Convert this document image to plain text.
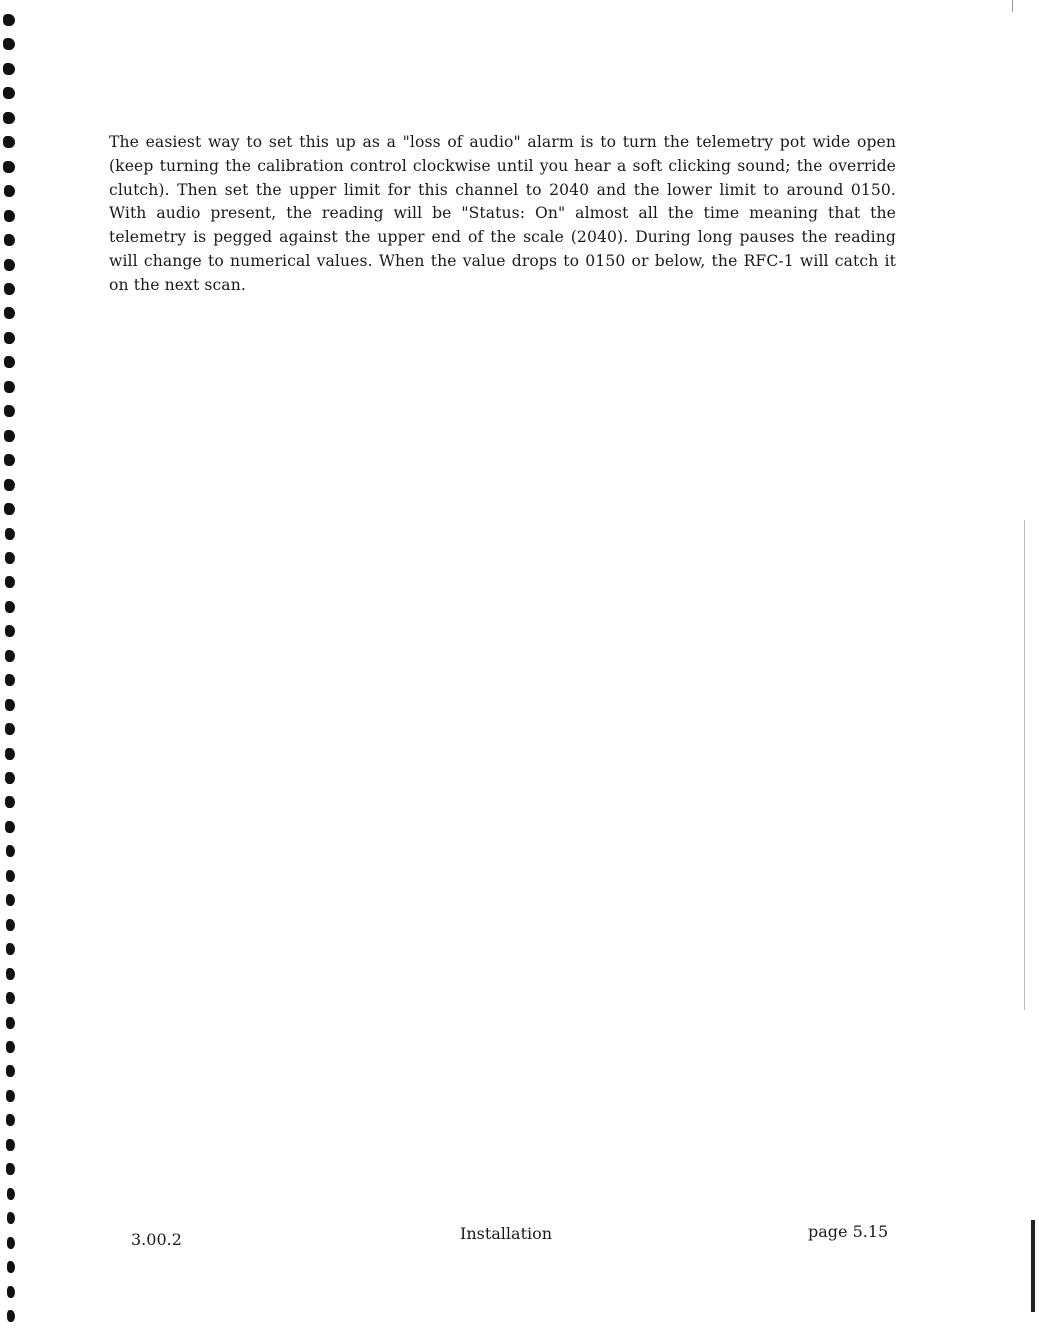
The easiest way to set this up as a "loss of audio" alarm is to turn the telemetry pot wide open (keep turning the calibration control clockwise until you hear a soft clicking sound; the override clutch). Then set the upper limit for this channel to 2040 and the lower limit to around 0150. With audio present, the reading will be "Status: On" almost all the time meaning that the telemetry is pegged against the upper end of the scale (2040). During long pauses the reading will change to numerical values. When the value drops to 0150 or below, the RFC-1 will catch it on the next scan.

3.00.2	Installation	page 5.15
